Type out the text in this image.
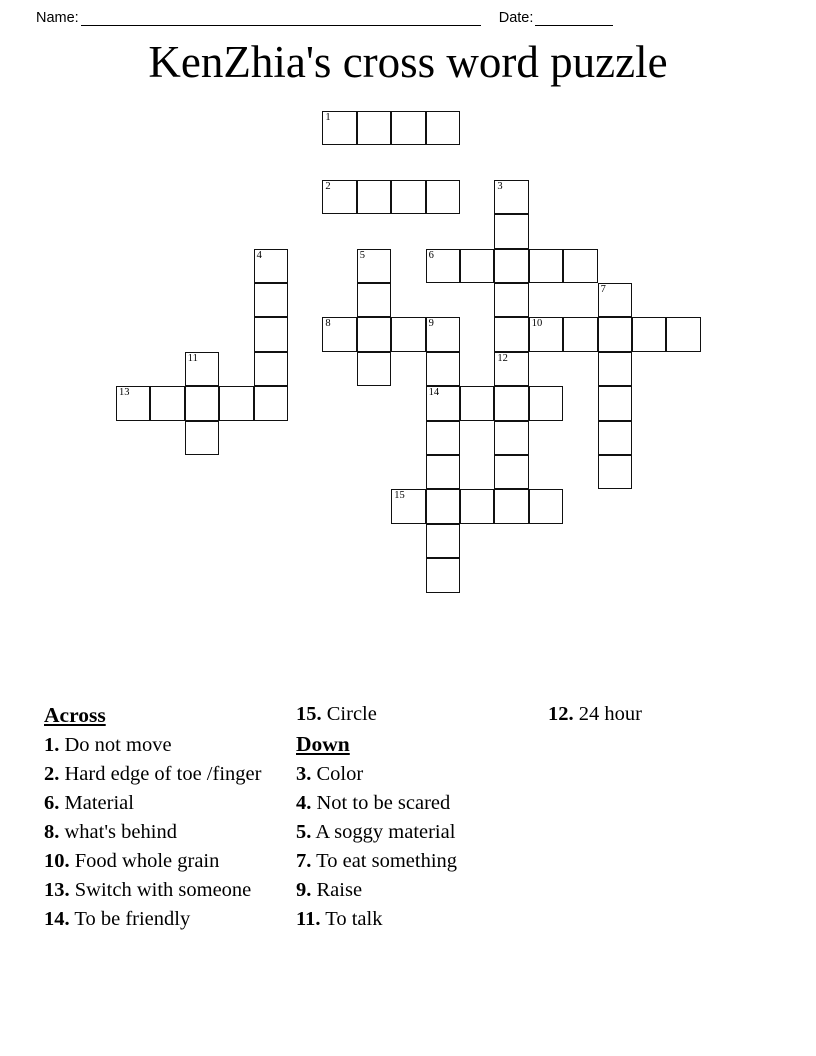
Name:	Date:
KenZhia's cross word puzzle
1
2	3
4	5	6
7
8	9
14
10
11	12
13
15
Across
1. Do not move
2. Hard edge of toe /finger
6. Material
8. what's behind
10. Food whole grain
13. Switch with someone
14. To be friendly
15. Circle
Down
3. Color
4. Not to be scared
5. A soggy material
7. To eat something
9. Raise
11. To talk
12. 24 hour
